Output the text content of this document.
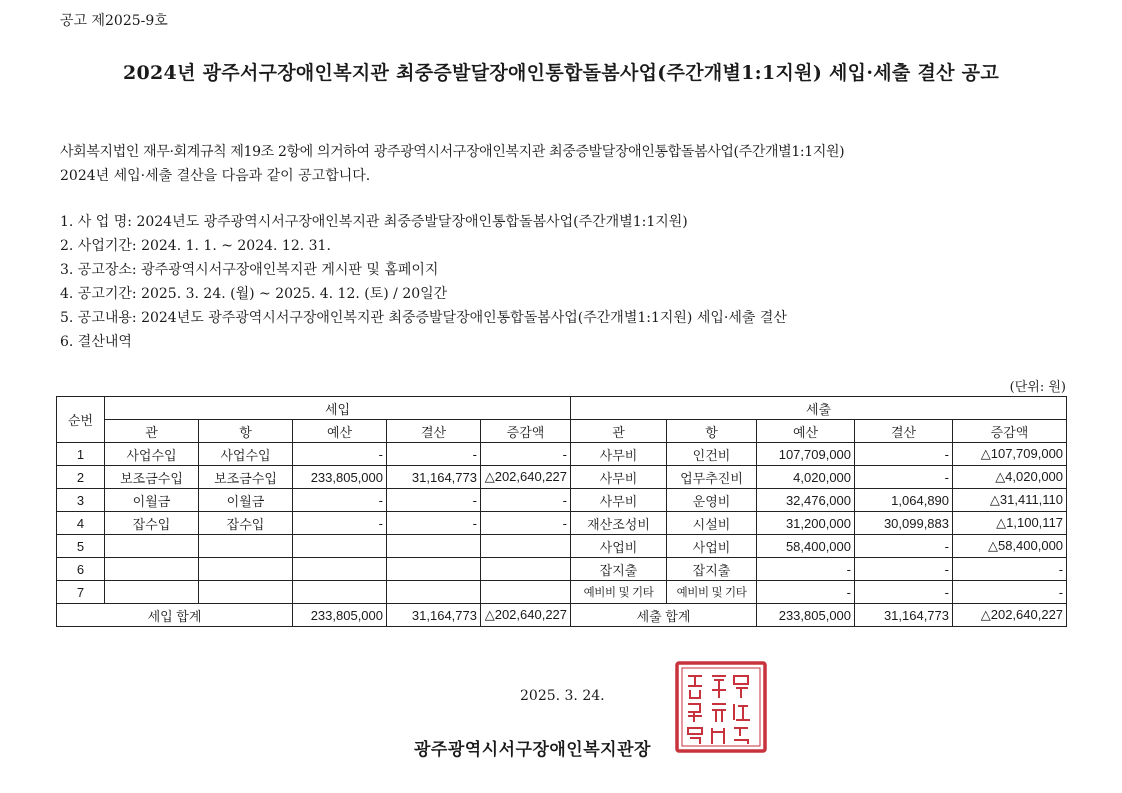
공고 제2025-9호
2024년 광주서구장애인복지관 최중증발달장애인통합돌봄사업(주간개별1:1지원) 세입·세출 결산 공고
사회복지법인 재무·회계규칙 제19조 2항에 의거하여 광주광역시서구장애인복지관 최중증발달장애인통합돌봄사업(주간개별1:1지원)
2024년 세입·세출 결산을 다음과 같이 공고합니다.
1. 사 업 명: 2024년도 광주광역시서구장애인복지관 최중증발달장애인통합돌봄사업(주간개별1:1지원)
2. 사업기간: 2024. 1. 1. ~ 2024. 12. 31.
3. 공고장소: 광주광역시서구장애인복지관 게시판 및 홈페이지
4. 공고기간: 2025. 3. 24. (월) ~ 2025. 4. 12. (토) / 20일간
5. 공고내용: 2024년도 광주광역시서구장애인복지관 최중증발달장애인통합돌봄사업(주간개별1:1지원) 세입·세출 결산
6. 결산내역
(단위: 원)
순번	세입					세출				
	관	항	예산	결산	증감액	관	항	예산	결산	증감액
1	사업수입	사업수입	-	-	-	사무비	인건비	107,709,000	-	△107,709,000
2	보조금수입	보조금수입	233,805,000	31,164,773	△202,640,227	사무비	업무추진비	4,020,000	-	△4,020,000
3	이월금	이월금	-	-	-	사무비	운영비	32,476,000	1,064,890	△31,411,110
4	잡수입	잡수입	-	-	-	재산조성비	시설비	31,200,000	30,099,883	△1,100,117
5						사업비	사업비	58,400,000	-	△58,400,000
6						잡지출	잡지출	-	-	-
7						예비비 및 기타	예비비 및 기타	-	-	-
세입 합계			233,805,000	31,164,773	△202,640,227	세출 합계		233,805,000	31,164,773	△202,640,227
2025. 3. 24.
광주광역시서구장애인복지관장
